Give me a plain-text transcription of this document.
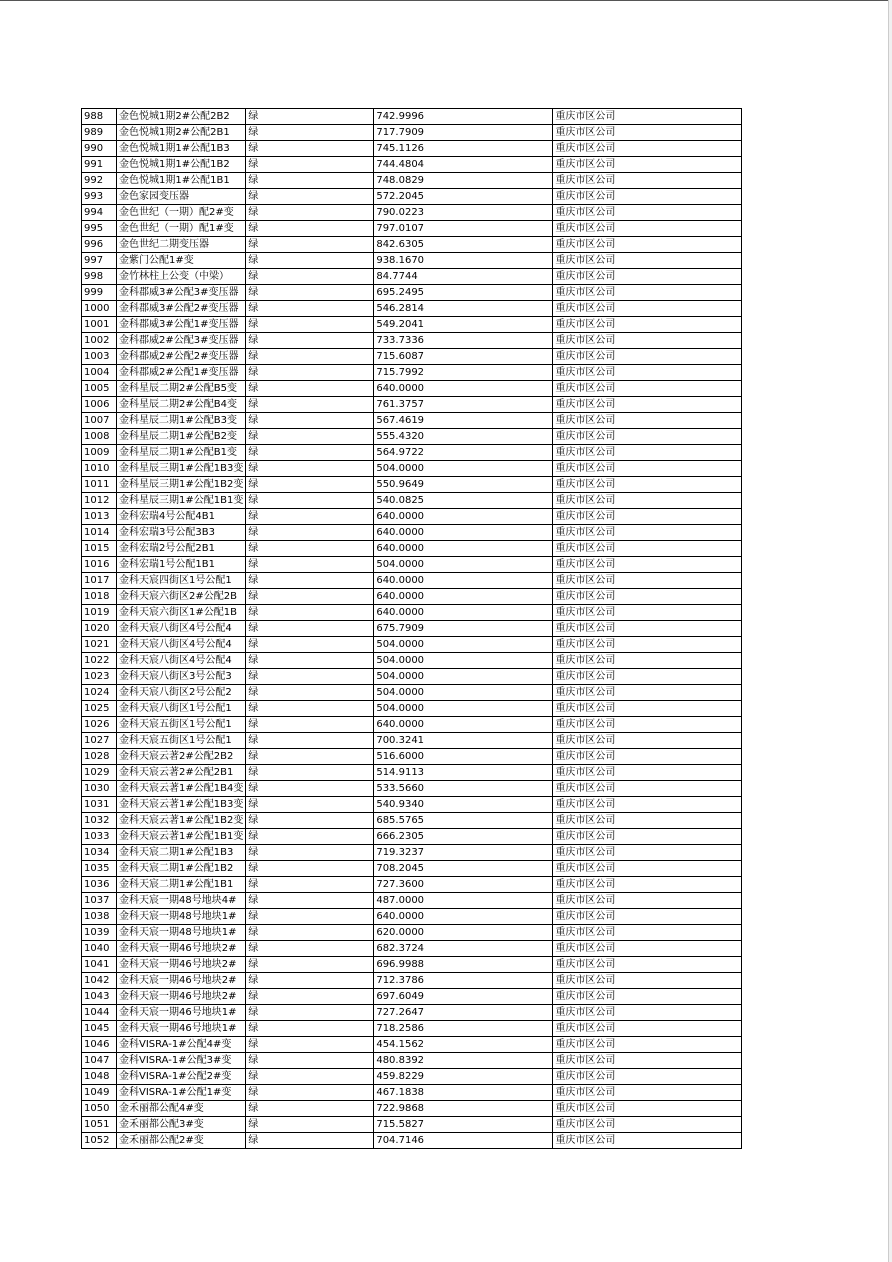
988	金色悦城1期2#公配2B2	绿	742.9996	重庆市区公司
989	金色悦城1期2#公配2B1	绿	717.7909	重庆市区公司
990	金色悦城1期1#公配1B3	绿	745.1126	重庆市区公司
991	金色悦城1期1#公配1B2	绿	744.4804	重庆市区公司
992	金色悦城1期1#公配1B1	绿	748.0829	重庆市区公司
993	金色家园变压器	绿	572.2045	重庆市区公司
994	金色世纪（一期）配2#变	绿	790.0223	重庆市区公司
995	金色世纪（一期）配1#变	绿	797.0107	重庆市区公司
996	金色世纪二期变压器	绿	842.6305	重庆市区公司
997	金紫门公配1#变	绿	938.1670	重庆市区公司
998	金竹林柱上公变（中梁）	绿	84.7744	重庆市区公司
999	金科郡威3#公配3#变压器	绿	695.2495	重庆市区公司
1000	金科郡威3#公配2#变压器	绿	546.2814	重庆市区公司
1001	金科郡威3#公配1#变压器	绿	549.2041	重庆市区公司
1002	金科郡威2#公配3#变压器	绿	733.7336	重庆市区公司
1003	金科郡威2#公配2#变压器	绿	715.6087	重庆市区公司
1004	金科郡威2#公配1#变压器	绿	715.7992	重庆市区公司
1005	金科星辰二期2#公配B5变	绿	640.0000	重庆市区公司
1006	金科星辰二期2#公配B4变	绿	761.3757	重庆市区公司
1007	金科星辰二期1#公配B3变	绿	567.4619	重庆市区公司
1008	金科星辰二期1#公配B2变	绿	555.4320	重庆市区公司
1009	金科星辰二期1#公配B1变	绿	564.9722	重庆市区公司
1010	金科星辰三期1#公配1B3变	绿	504.0000	重庆市区公司
1011	金科星辰三期1#公配1B2变	绿	550.9649	重庆市区公司
1012	金科星辰三期1#公配1B1变	绿	540.0825	重庆市区公司
1013	金科宏瑞4号公配4B1	绿	640.0000	重庆市区公司
1014	金科宏瑞3号公配3B3	绿	640.0000	重庆市区公司
1015	金科宏瑞2号公配2B1	绿	640.0000	重庆市区公司
1016	金科宏瑞1号公配1B1	绿	504.0000	重庆市区公司
1017	金科天宸四街区1号公配1	绿	640.0000	重庆市区公司
1018	金科天宸六街区2#公配2B	绿	640.0000	重庆市区公司
1019	金科天宸六街区1#公配1B	绿	640.0000	重庆市区公司
1020	金科天宸八街区4号公配4	绿	675.7909	重庆市区公司
1021	金科天宸八街区4号公配4	绿	504.0000	重庆市区公司
1022	金科天宸八街区4号公配4	绿	504.0000	重庆市区公司
1023	金科天宸八街区3号公配3	绿	504.0000	重庆市区公司
1024	金科天宸八街区2号公配2	绿	504.0000	重庆市区公司
1025	金科天宸八街区1号公配1	绿	504.0000	重庆市区公司
1026	金科天宸五街区1号公配1	绿	640.0000	重庆市区公司
1027	金科天宸五街区1号公配1	绿	700.3241	重庆市区公司
1028	金科天宸云著2#公配2B2	绿	516.6000	重庆市区公司
1029	金科天宸云著2#公配2B1	绿	514.9113	重庆市区公司
1030	金科天宸云著1#公配1B4变	绿	533.5660	重庆市区公司
1031	金科天宸云著1#公配1B3变	绿	540.9340	重庆市区公司
1032	金科天宸云著1#公配1B2变	绿	685.5765	重庆市区公司
1033	金科天宸云著1#公配1B1变	绿	666.2305	重庆市区公司
1034	金科天宸二期1#公配1B3	绿	719.3237	重庆市区公司
1035	金科天宸二期1#公配1B2	绿	708.2045	重庆市区公司
1036	金科天宸二期1#公配1B1	绿	727.3600	重庆市区公司
1037	金科天宸一期48号地块4#	绿	487.0000	重庆市区公司
1038	金科天宸一期48号地块1#	绿	640.0000	重庆市区公司
1039	金科天宸一期48号地块1#	绿	620.0000	重庆市区公司
1040	金科天宸一期46号地块2#	绿	682.3724	重庆市区公司
1041	金科天宸一期46号地块2#	绿	696.9988	重庆市区公司
1042	金科天宸一期46号地块2#	绿	712.3786	重庆市区公司
1043	金科天宸一期46号地块2#	绿	697.6049	重庆市区公司
1044	金科天宸一期46号地块1#	绿	727.2647	重庆市区公司
1045	金科天宸一期46号地块1#	绿	718.2586	重庆市区公司
1046	金科VISRA-1#公配4#变	绿	454.1562	重庆市区公司
1047	金科VISRA-1#公配3#变	绿	480.8392	重庆市区公司
1048	金科VISRA-1#公配2#变	绿	459.8229	重庆市区公司
1049	金科VISRA-1#公配1#变	绿	467.1838	重庆市区公司
1050	金禾丽都公配4#变	绿	722.9868	重庆市区公司
1051	金禾丽都公配3#变	绿	715.5827	重庆市区公司
1052	金禾丽都公配2#变	绿	704.7146	重庆市区公司
